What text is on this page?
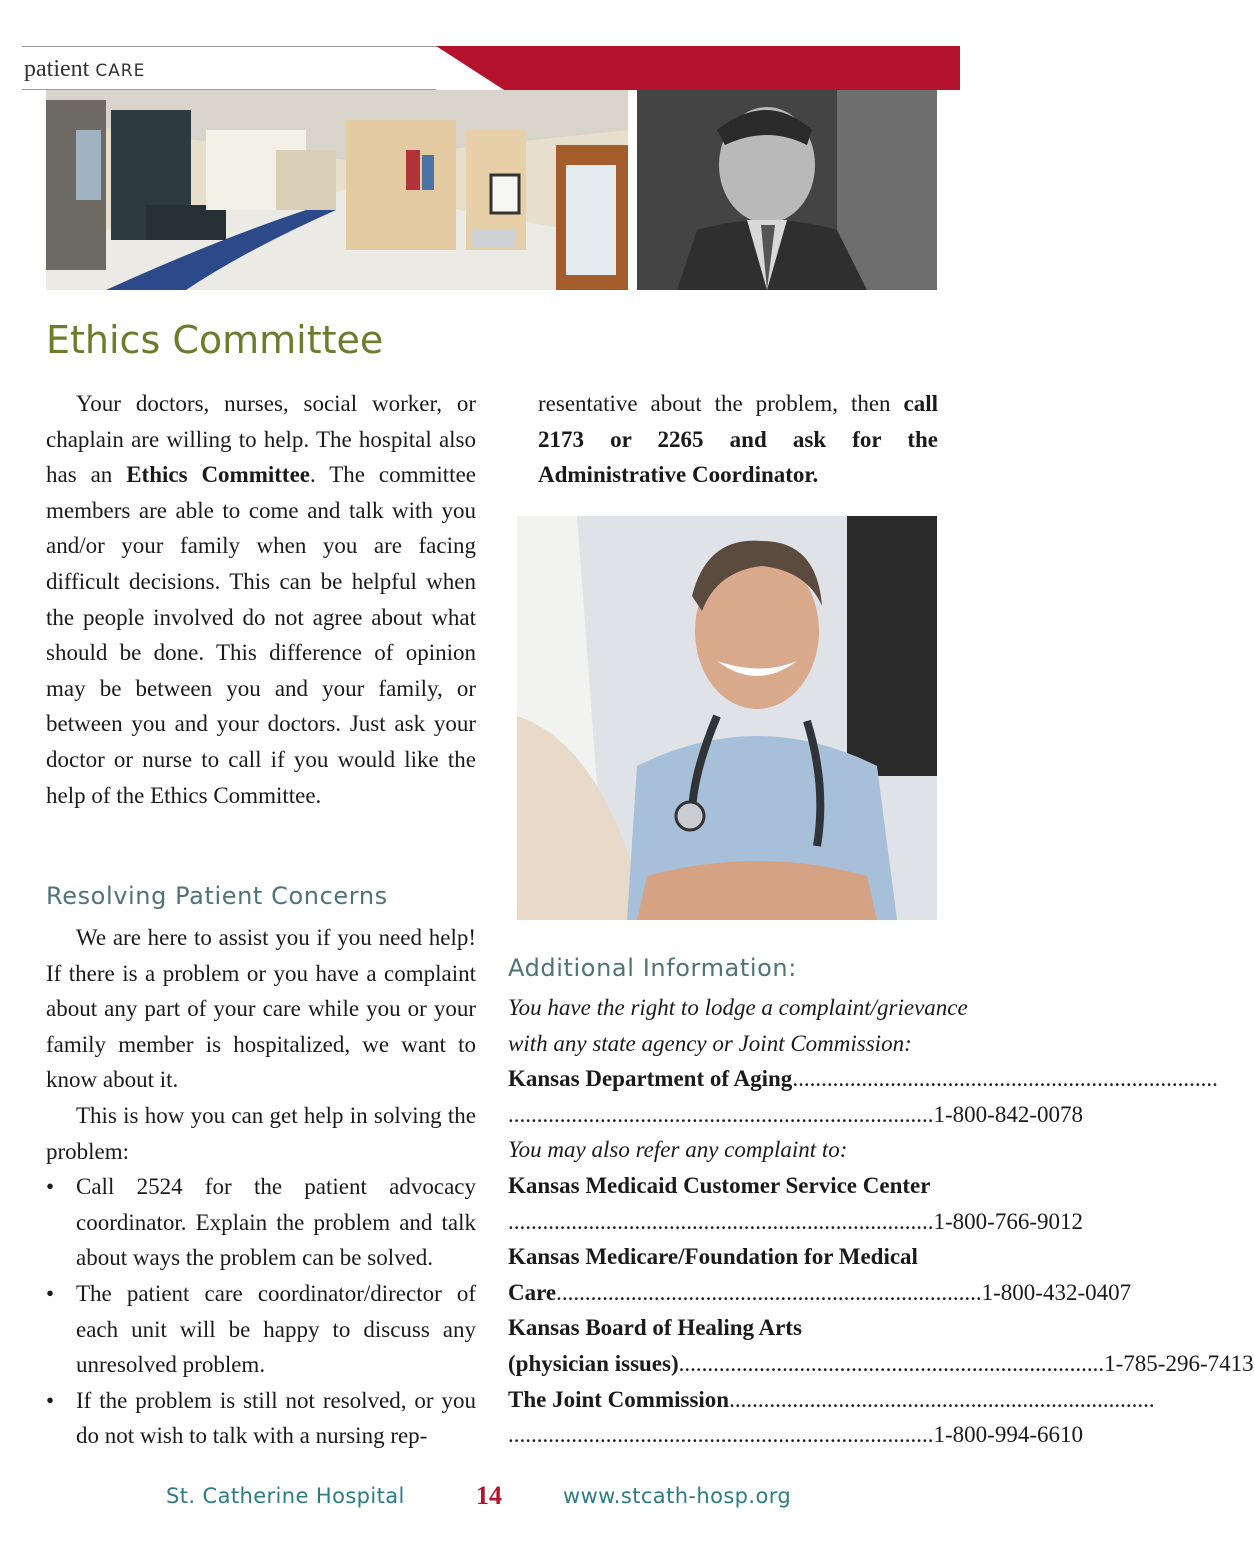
patient CARE
Ethics Committee

Your doctors, nurses, social worker, or chaplain are willing to help. The hospital also has an Ethics Committee. The committee members are able to come and talk with you and/or your family when you are facing difficult decisions. This can be helpful when the people involved do not agree about what should be done. This difference of opinion may be between you and your family, or between you and your doctors. Just ask your doctor or nurse to call if you would like the help of the Ethics Committee.

Resolving Patient Concerns

We are here to assist you if you need help! If there is a problem or you have a complaint about any part of your care while you or your family member is hospitalized, we want to know about it.

This is how you can get help in solving the problem:

• Call 2524 for the patient advocacy coordinator. Explain the problem and talk about ways the problem can be solved.
• The patient care coordinator/director of each unit will be happy to discuss any unresolved problem.
• If the problem is still not resolved, or you do not wish to talk with a nursing rep-

resentative about the problem, then call 2173 or 2265 and ask for the Administrative Coordinator.

Additional Information:
You have the right to lodge a complaint/grievance
with any state agency or Joint Commission:
Kansas Department of Aging ..........................................................................
.......................................................................... 1-800-842-0078
You may also refer any complaint to:
Kansas Medicaid Customer Service Center
.......................................................................... 1-800-766-9012
Kansas Medicare/Foundation for Medical
Care .......................................................................... 1-800-432-0407
Kansas Board of Healing Arts
(physician issues) .......................................................................... 1-785-296-7413
The Joint Commission ..........................................................................
.......................................................................... 1-800-994-6610
St. Catherine Hospital	14	www.stcath-hosp.org
